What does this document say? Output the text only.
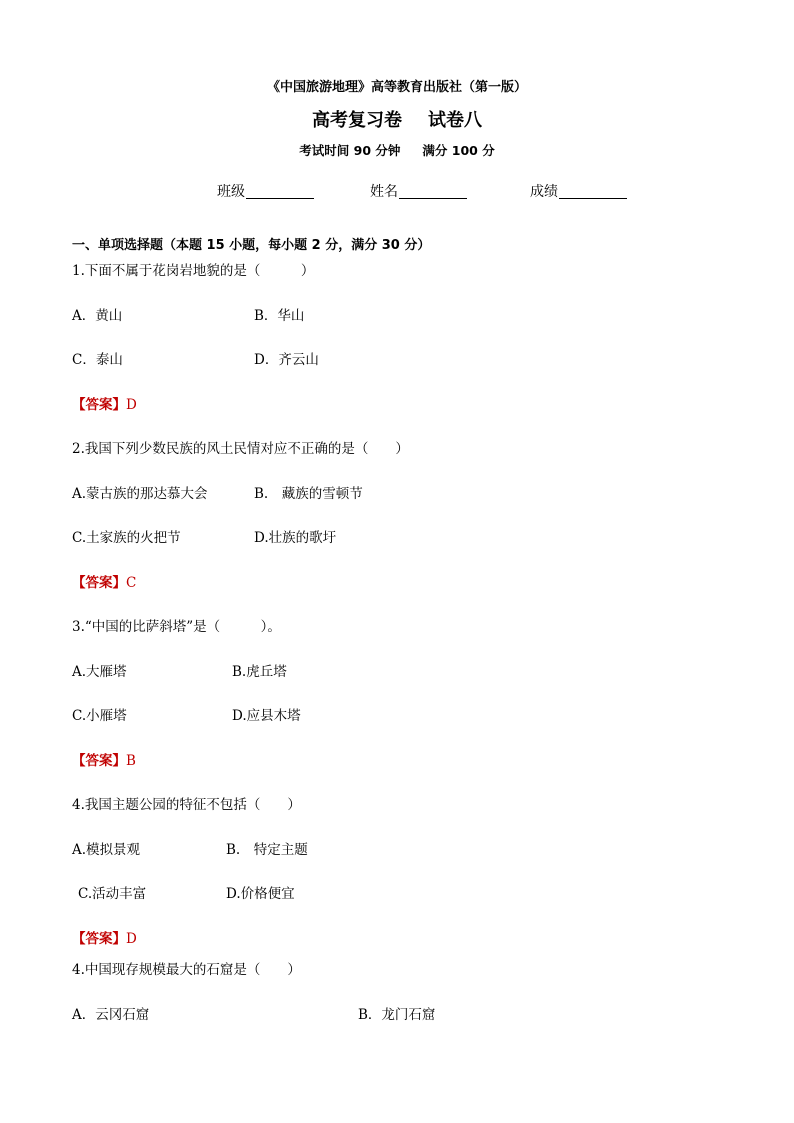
《中国旅游地理》高等教育出版社（第一版）
高考复习卷 试卷八
考试时间 90 分钟 满分 100 分
班级	姓名	成绩
一、单项选择题（本题 15 小题，每小题 2 分，满分 30 分）
1.下面不属于花岗岩地貌的是（　　　）
A．黄山	B．华山
C．泰山	D．齐云山
【答案】D
2.我国下列少数民族的风土民情对应不正确的是（　　）
A.蒙古族的那达慕大会	B.　藏族的雪顿节
C.土家族的火把节	D.壮族的歌圩
【答案】C
3.“中国的比萨斜塔”是（　　　）。
A.大雁塔	B.虎丘塔
C.小雁塔	D.应县木塔
【答案】B
4.我国主题公园的特征不包括（　　）
A.模拟景观	B.　特定主题
C.活动丰富	D.价格便宜
【答案】D
4.中国现存规模最大的石窟是（　　）
A．云冈石窟	B．龙门石窟
